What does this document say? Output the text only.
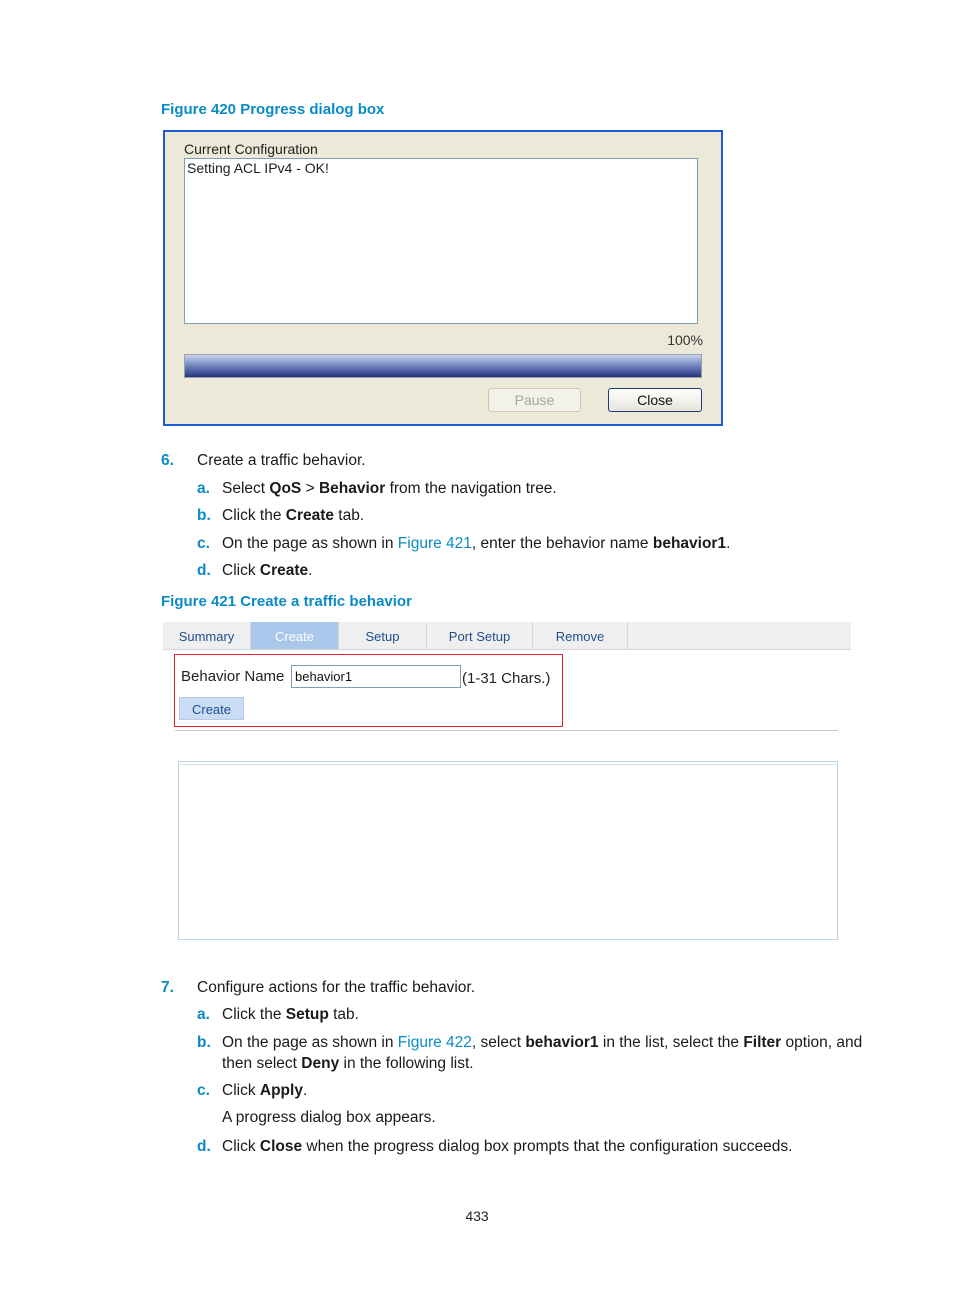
Figure 420 Progress dialog box
Current Configuration
Setting ACL IPv4 - OK!
100%
Pause	Close
6. Create a traffic behavior.
a. Select QoS > Behavior from the navigation tree.
b. Click the Create tab.
c. On the page as shown in Figure 421, enter the behavior name behavior1.
d. Click Create.
Figure 421 Create a traffic behavior
Summary	Create	Setup	Port Setup	Remove
Behavior Name
behavior1	(1-31 Chars.)
Create
7. Configure actions for the traffic behavior.
a. Click the Setup tab.
b. On the page as shown in Figure 422, select behavior1 in the list, select the Filter option, and
then select Deny in the following list.
c. Click Apply.
A progress dialog box appears.
d. Click Close when the progress dialog box prompts that the configuration succeeds.
433
